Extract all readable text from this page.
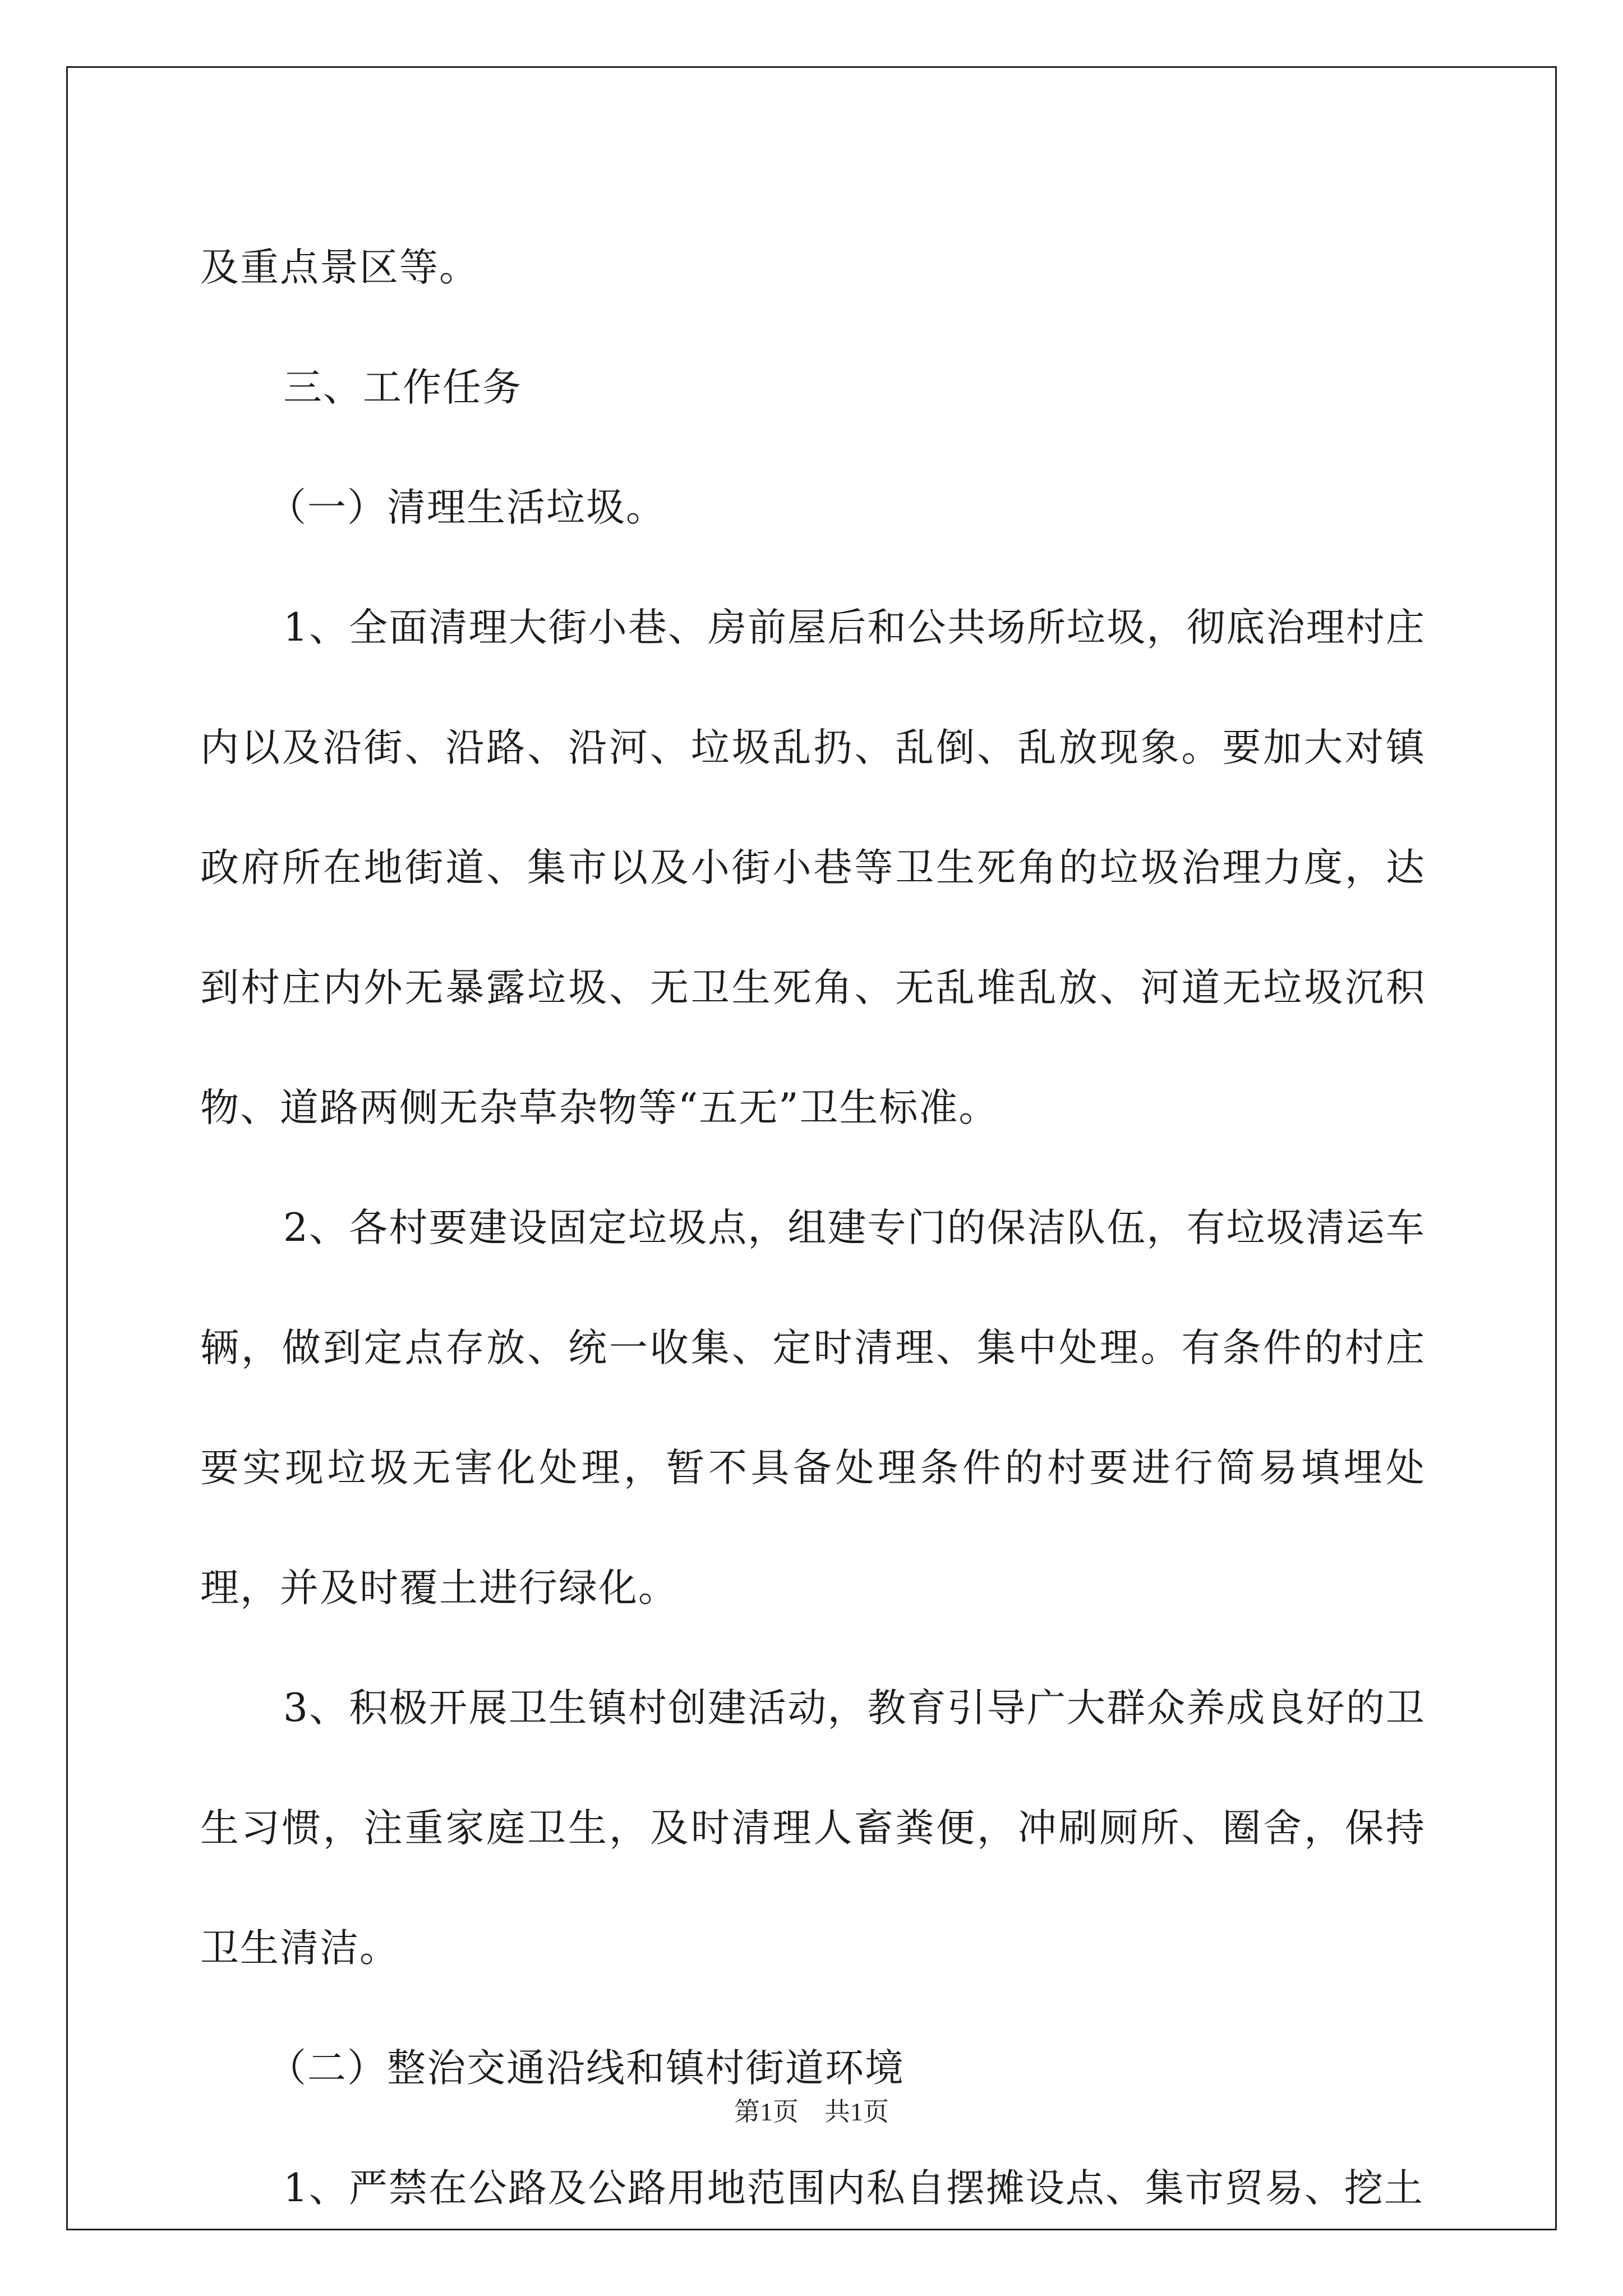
及重点景区等。

三、工作任务

（一）清理生活垃圾。

1、全面清理大街小巷、房前屋后和公共场所垃圾，彻底治理村庄内以及沿街、沿路、沿河、垃圾乱扔、乱倒、乱放现象。要加大对镇政府所在地街道、集市以及小街小巷等卫生死角的垃圾治理力度，达到村庄内外无暴露垃圾、无卫生死角、无乱堆乱放、河道无垃圾沉积物、道路两侧无杂草杂物等“五无”卫生标准。

2、各村要建设固定垃圾点，组建专门的保洁队伍，有垃圾清运车辆，做到定点存放、统一收集、定时清理、集中处理。有条件的村庄要实现垃圾无害化处理，暂不具备处理条件的村要进行简易填埋处理，并及时覆土进行绿化。

3、积极开展卫生镇村创建活动，教育引导广大群众养成良好的卫生习惯，注重家庭卫生，及时清理人畜粪便，冲刷厕所、圈舍，保持卫生清洁。

（二）整治交通沿线和镇村街道环境

1、严禁在公路及公路用地范围内私自摆摊设点、集市贸易、挖土

第1页　共1页
